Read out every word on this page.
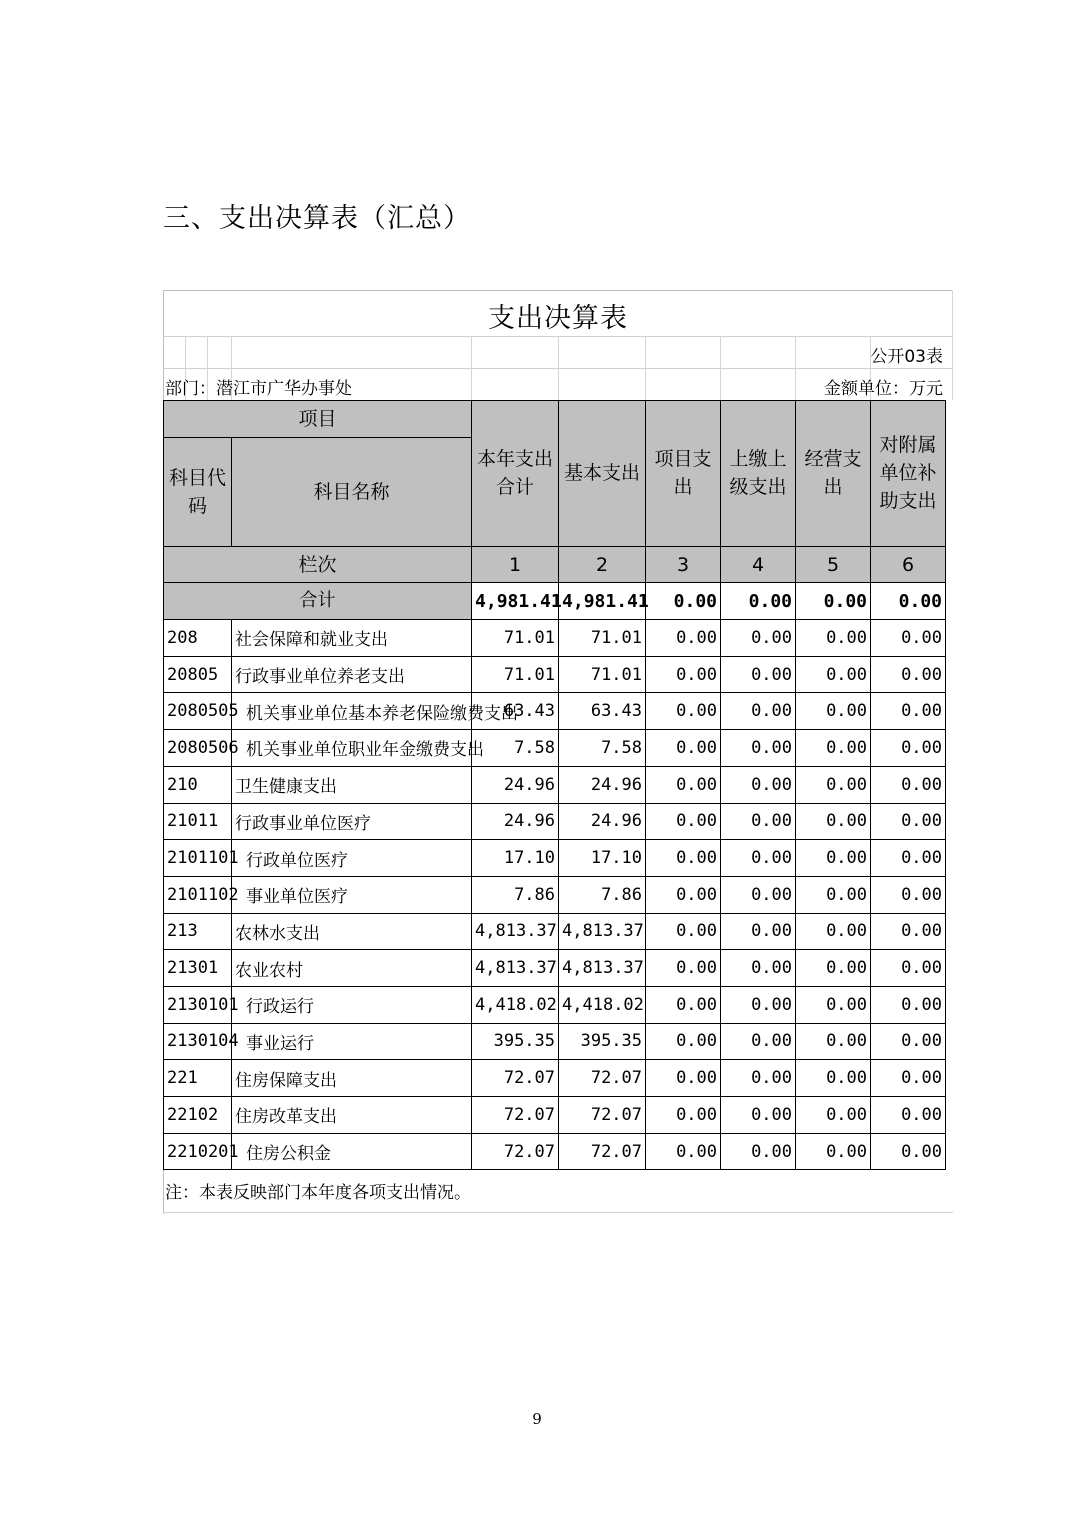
三、支出决算表（汇总）
支出决算表
公开03表
部门：潜江市广华办事处	金额单位：万元
项目		本年支出合计	基本支出	项目支出	上缴上级支出	经营支出	对附属单位补助支出
科目代码	科目名称						
栏次		1	2	3	4	5	6
合计		4,981.41	4,981.41	0.00	0.00	0.00	0.00
208	社会保障和就业支出	71.01	71.01	0.00	0.00	0.00	0.00
20805	行政事业单位养老支出	71.01	71.01	0.00	0.00	0.00	0.00
2080505	机关事业单位基本养老保险缴费支出	63.43	63.43	0.00	0.00	0.00	0.00
2080506	机关事业单位职业年金缴费支出	7.58	7.58	0.00	0.00	0.00	0.00
210	卫生健康支出	24.96	24.96	0.00	0.00	0.00	0.00
21011	行政事业单位医疗	24.96	24.96	0.00	0.00	0.00	0.00
2101101	行政单位医疗	17.10	17.10	0.00	0.00	0.00	0.00
2101102	事业单位医疗	7.86	7.86	0.00	0.00	0.00	0.00
213	农林水支出	4,813.37	4,813.37	0.00	0.00	0.00	0.00
21301	农业农村	4,813.37	4,813.37	0.00	0.00	0.00	0.00
2130101	行政运行	4,418.02	4,418.02	0.00	0.00	0.00	0.00
2130104	事业运行	395.35	395.35	0.00	0.00	0.00	0.00
221	住房保障支出	72.07	72.07	0.00	0.00	0.00	0.00
22102	住房改革支出	72.07	72.07	0.00	0.00	0.00	0.00
2210201	住房公积金	72.07	72.07	0.00	0.00	0.00	0.00
注：本表反映部门本年度各项支出情况。
9
